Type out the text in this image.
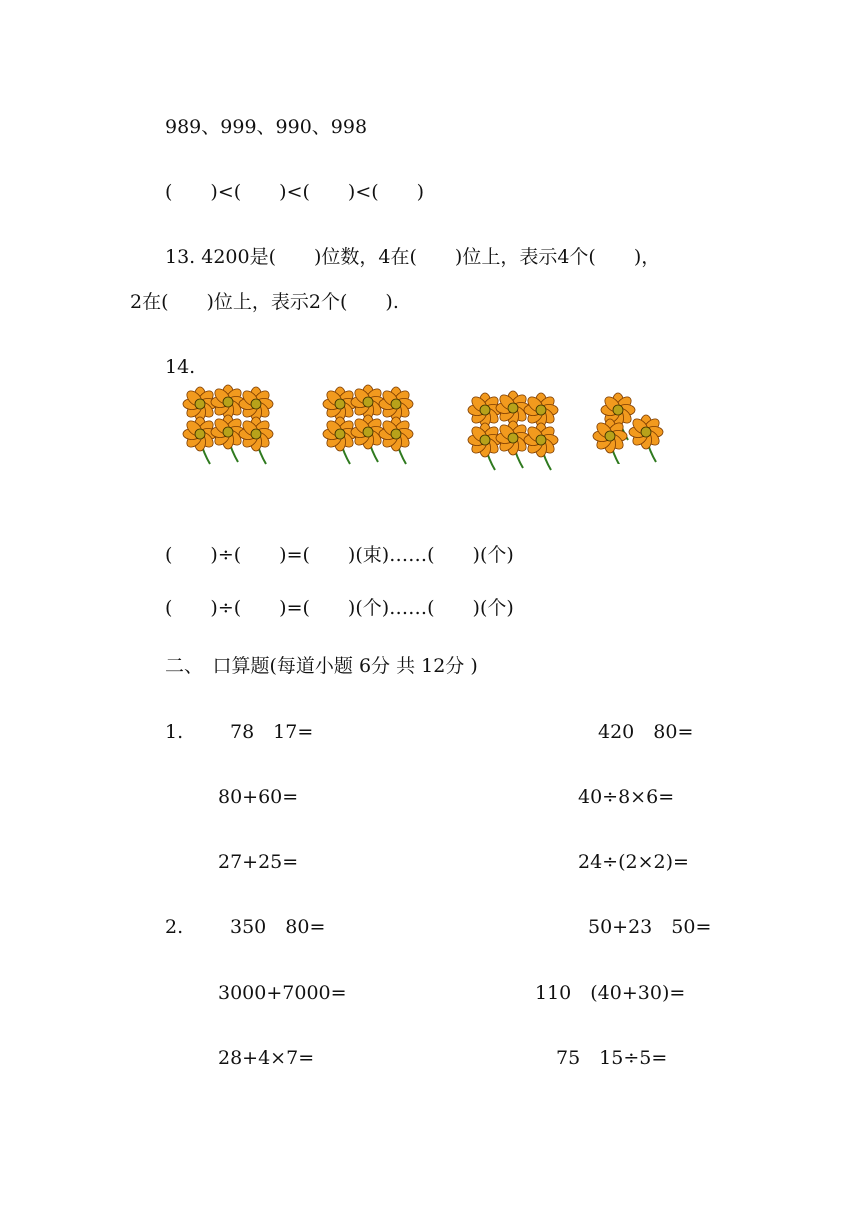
989、999、990、998
(　　)<(　　)<(　　)<(　　)
13. 4200是(　　)位数，4在(　　)位上，表示4个(　　)，
2在(　　)位上，表示2个(　　).
14.
(　　)÷(　　)=(　　)(束)……(　　)(个)
(　　)÷(　　)=(　　)(个)……(　　)(个)
二、　口算题(每道小题 6分 共 12分 )
1. 78　17=	420　80=
80+60=	40÷8×6=
27+25=	24÷(2×2)=
2. 350　80=	50+23　50=
3000+7000=	110　(40+30)=
28+4×7=	75　15÷5=
